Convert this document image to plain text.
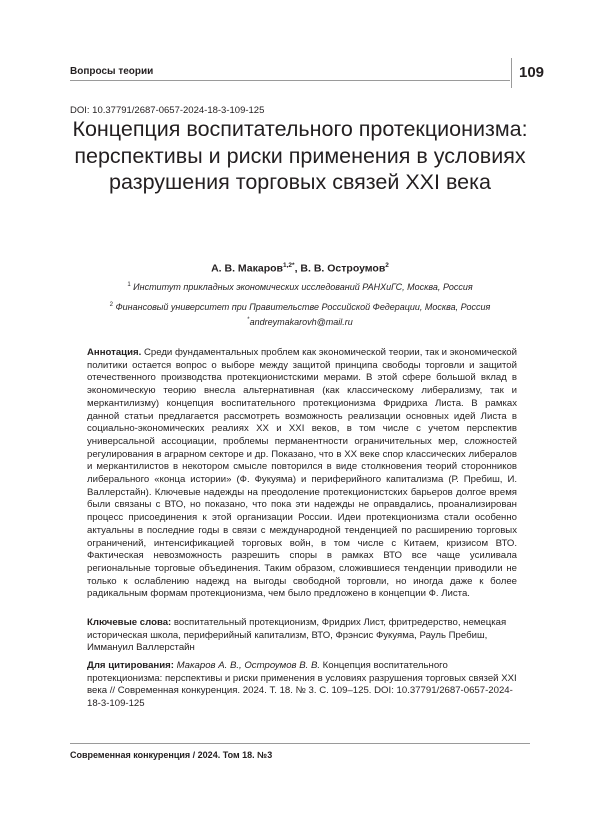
Вопросы теории	109
DOI: 10.37791/2687-0657-2024-18-3-109-125
Концепция воспитательного протекционизма: перспективы и риски применения в условиях разрушения торговых связей XXI века
А. В. Макаров$^{1,2*}$, В. В. Остроумов$^2$
$^1$ Институт прикладных экономических исследований РАНХиГС, Москва, Россия
$^2$ Финансовый университет при Правительстве Российской Федерации, Москва, Россия
*andreymakarovh@mail.ru

Аннотация. Среди фундаментальных проблем как экономической теории, так и экономической политики остается вопрос о выборе между защитой принципа свободы торговли и защитой отечественного производства протекционистскими мерами. В этой сфере большой вклад в экономическую теорию внесла альтернативная (как классическому либерализму, так и меркантилизму) концепция воспитательного протекционизма Фридриха Листа. В рамках данной статьи предлагается рассмотреть возможность реализации основных идей Листа в социально-экономических реалиях XX и XXI веков, в том числе с учетом перспектив универсальной ассоциации, проблемы перманентности ограничительных мер, сложностей регулирования в аграрном секторе и др. Показано, что в XX веке спор классических либералов и меркантилистов в некотором смысле повторился в виде столкновения теорий сторонников либерального «конца истории» (Ф. Фукуяма) и периферийного капитализма (Р. Пребиш, И. Валлерстайн). Ключевые надежды на преодоление протекционистских барьеров долгое время были связаны с ВТО, но показано, что пока эти надежды не оправдались, проанализирован процесс присоединения к этой организации России. Идеи протекционизма стали особенно актуальны в последние годы в связи с международной тенденцией по расширению торговых ограничений, интенсификацией торговых войн, в том числе с Китаем, кризисом ВТО. Фактическая невозможность разрешить споры в рамках ВТО все чаще усиливала региональные торговые объединения. Таким образом, сложившиеся тенденции приводили не только к ослаблению надежд на выгоды свободной торговли, но иногда даже к более радикальным формам протекционизма, чем было предложено в концепции Ф. Листа.

Ключевые слова: воспитательный протекционизм, Фридрих Лист, фритредерство, немецкая историческая школа, периферийный капитализм, ВТО, Фрэнсис Фукуяма, Рауль Пребиш, Иммануил Валлерстайн

Для цитирования: Макаров А. В., Остроумов В. В. Концепция воспитательного протекционизма: перспективы и риски применения в условиях разрушения торговых связей XXI века // Современная конкуренция. 2024. Т. 18. № 3. С. 109–125. DOI: 10.37791/2687-0657-2024-18-3-109-125

Современная конкуренция / 2024. Том 18. №3
